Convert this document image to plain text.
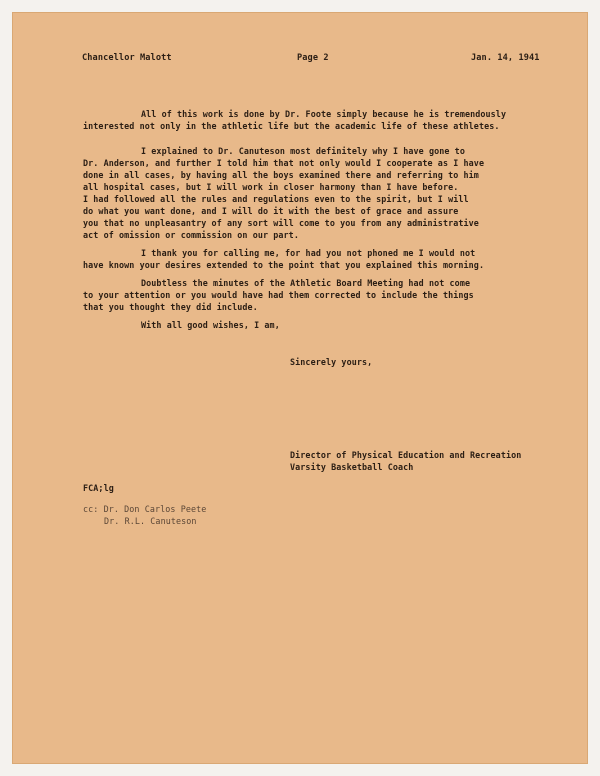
Chancellor Malott	Page 2	Jan. 14, 1941
All of this work is done by Dr. Foote simply because he is tremendously
interested not only in the athletic life but the academic life of these athletes.
I explained to Dr. Canuteson most definitely why I have gone to
Dr. Anderson, and further I told him that not only would I cooperate as I have
done in all cases, by having all the boys examined there and referring to him
all hospital cases, but I will work in closer harmony than I have before.
I had followed all the rules and regulations even to the spirit, but I will
do what you want done, and I will do it with the best of grace and assure
you that no unpleasantry of any sort will come to you from any administrative
act of omission or commission on our part.
I thank you for calling me, for had you not phoned me I would not
have known your desires extended to the point that you explained this morning.
Doubtless the minutes of the Athletic Board Meeting had not come
to your attention or you would have had them corrected to include the things
that you thought they did include.
With all good wishes, I am,
Sincerely yours,
Director of Physical Education and Recreation
Varsity Basketball Coach
FCA;lg
cc: Dr. Don Carlos Peete
Dr. R.L. Canuteson
